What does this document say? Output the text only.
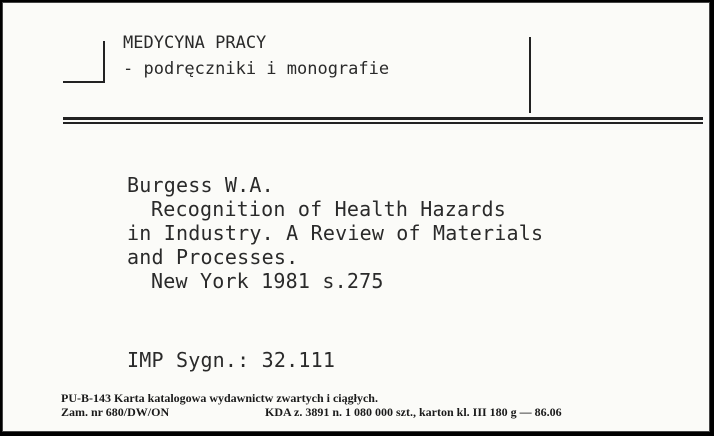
MEDYCYNA PRACY
- podręczniki i monografie
Burgess W.A.
Recognition of Health Hazards
in Industry. A Review of Materials
and Processes.
New York 1981 s.275
IMP Sygn.: 32.111
PU-B-143 Karta katalogowa wydawnictw zwartych i ciągłych.
Zam. nr 680/DW/ON	KDA z. 3891 n. 1 080 000 szt., karton kl. III 180 g — 86.06
